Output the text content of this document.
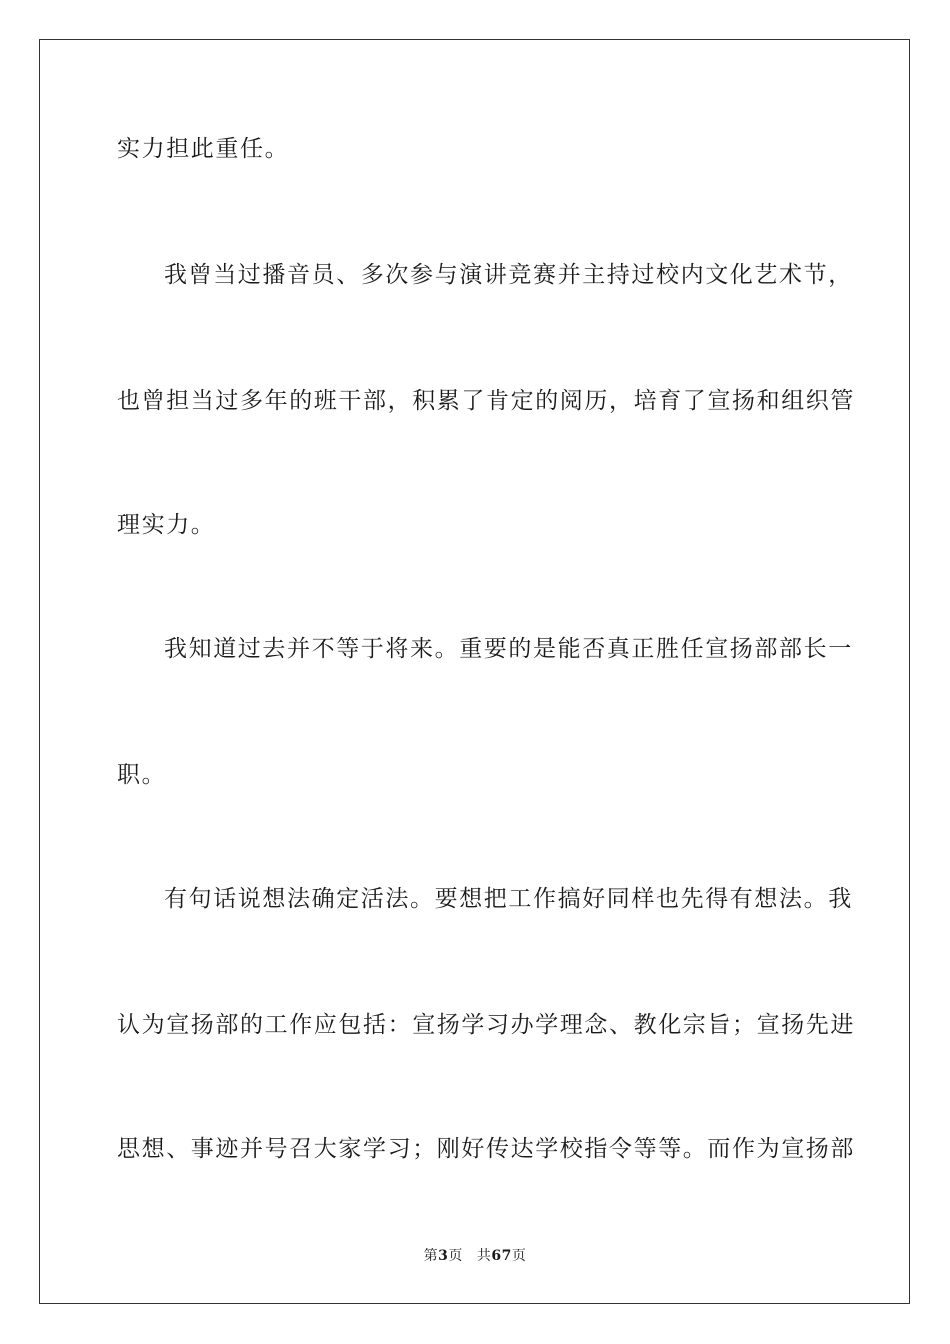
实力担此重任。
我曾当过播音员、多次参与演讲竞赛并主持过校内文化艺术节，
也曾担当过多年的班干部，积累了肯定的阅历，培育了宣扬和组织管
理实力。
我知道过去并不等于将来。重要的是能否真正胜任宣扬部部长一
职。
有句话说想法确定活法。要想把工作搞好同样也先得有想法。我
认为宣扬部的工作应包括：宣扬学习办学理念、教化宗旨；宣扬先进
思想、事迹并号召大家学习；刚好传达学校指令等等。而作为宣扬部
第3页 共67页
